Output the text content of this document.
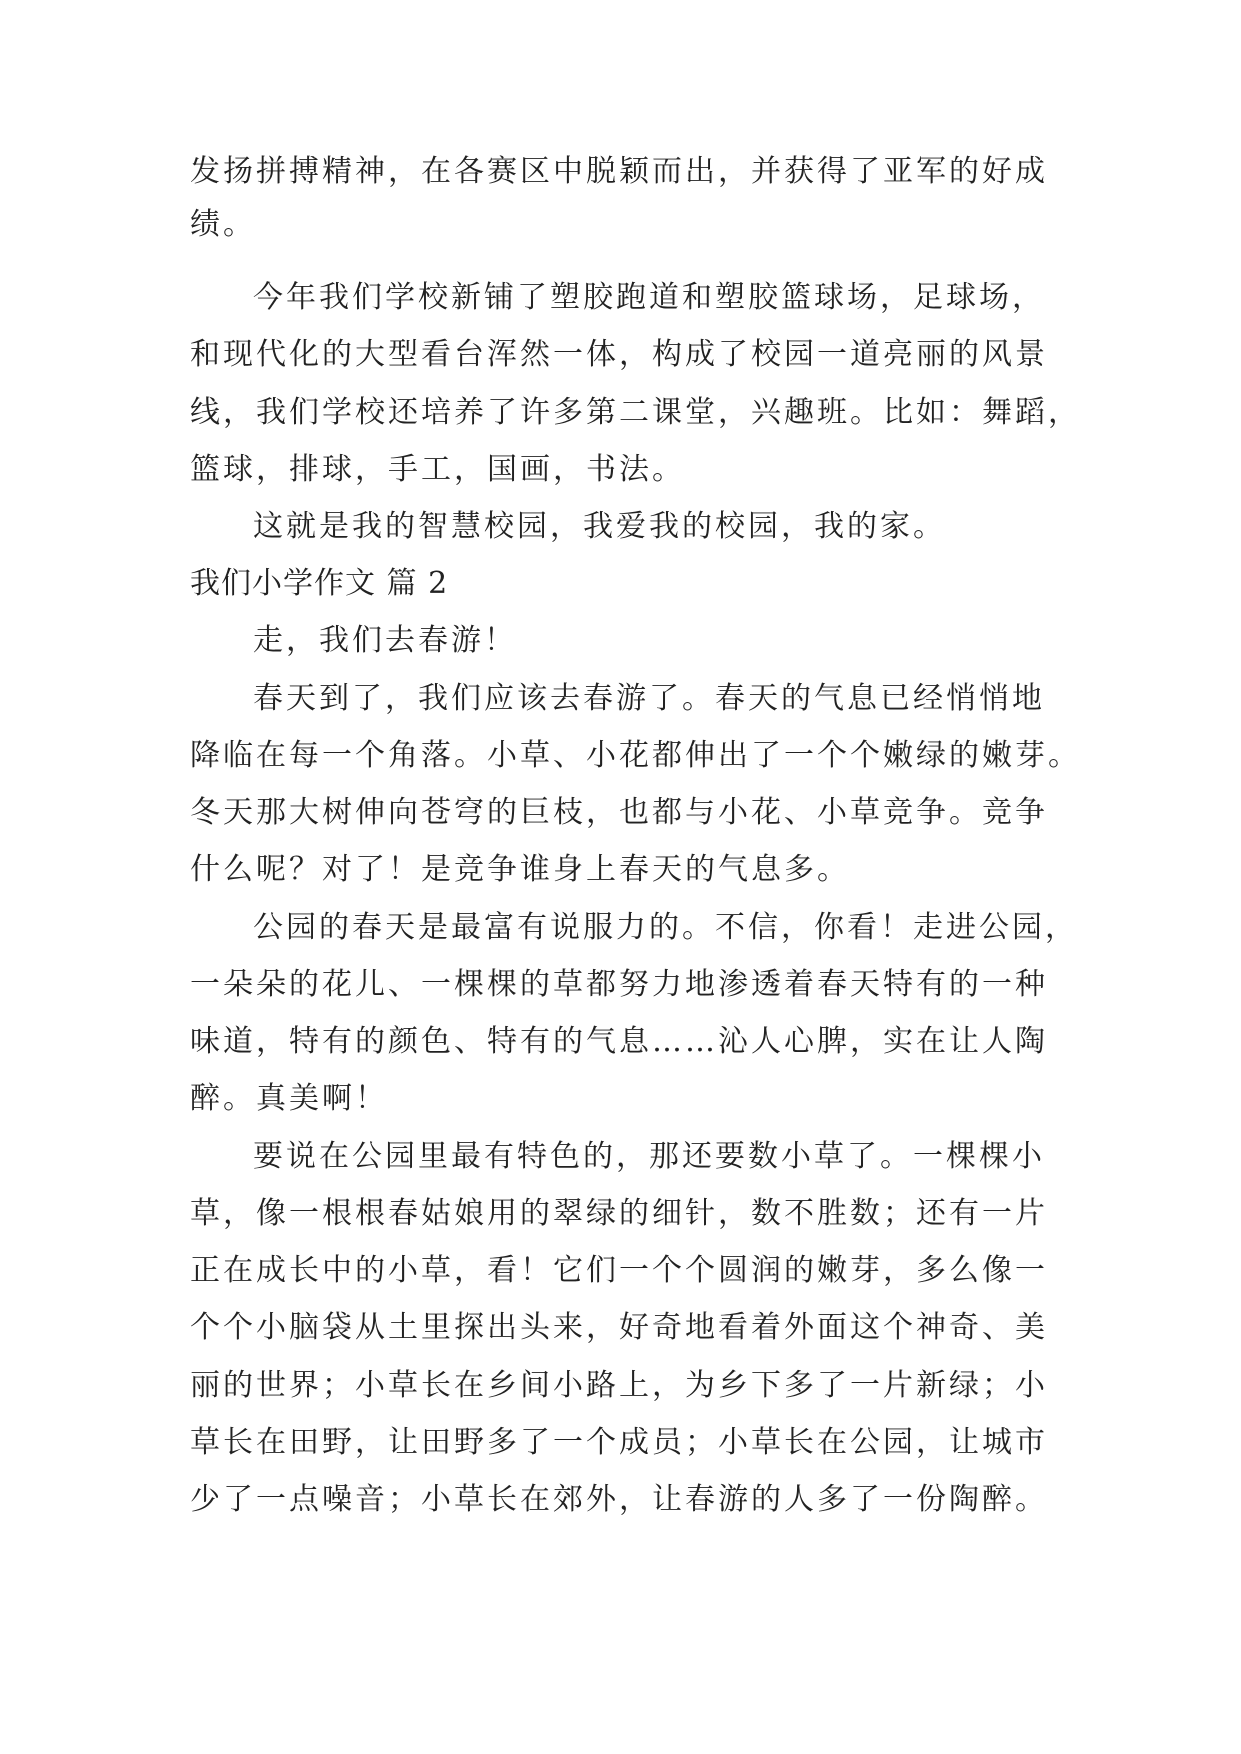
发扬拼搏精神，在各赛区中脱颖而出，并获得了亚军的好成
绩。
今年我们学校新铺了塑胶跑道和塑胶篮球场，足球场，
和现代化的大型看台浑然一体，构成了校园一道亮丽的风景
线，我们学校还培养了许多第二课堂，兴趣班。比如：舞蹈，
篮球，排球，手工，国画，书法。
这就是我的智慧校园，我爱我的校园，我的家。
我们小学作文 篇 2
走，我们去春游！
春天到了，我们应该去春游了。春天的气息已经悄悄地
降临在每一个角落。小草、小花都伸出了一个个嫩绿的嫩芽。
冬天那大树伸向苍穹的巨枝，也都与小花、小草竞争。竞争
什么呢？对了！是竞争谁身上春天的气息多。
公园的春天是最富有说服力的。不信，你看！走进公园，
一朵朵的花儿、一棵棵的草都努力地渗透着春天特有的一种
味道，特有的颜色、特有的气息……沁人心脾，实在让人陶
醉。真美啊！
要说在公园里最有特色的，那还要数小草了。一棵棵小
草，像一根根春姑娘用的翠绿的细针，数不胜数；还有一片
正在成长中的小草，看！它们一个个圆润的嫩芽，多么像一
个个小脑袋从土里探出头来，好奇地看着外面这个神奇、美
丽的世界；小草长在乡间小路上，为乡下多了一片新绿；小
草长在田野，让田野多了一个成员；小草长在公园，让城市
少了一点噪音；小草长在郊外，让春游的人多了一份陶醉。
